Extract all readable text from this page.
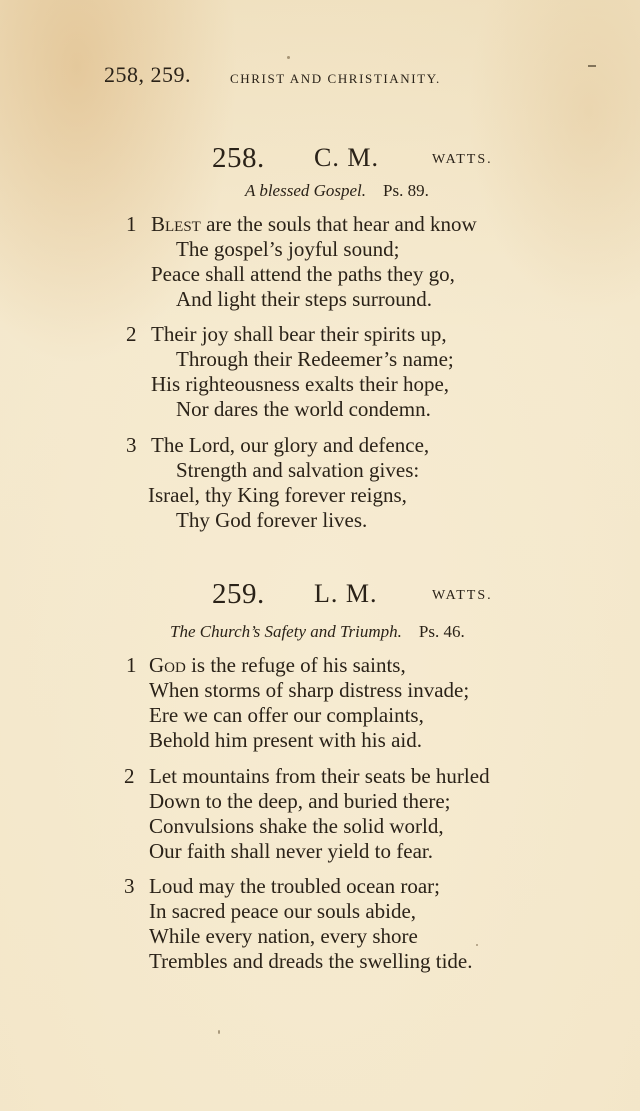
258, 259.	CHRIST AND CHRISTIANITY.
258. C. M.	WATTS.
A blessed Gospel. Ps. 89.
1 Blest are the souls that hear and know
The gospel’s joyful sound;
Peace shall attend the paths they go,
And light their steps surround.
2 Their joy shall bear their spirits up,
Through their Redeemer’s name;
His righteousness exalts their hope,
Nor dares the world condemn.
3 The Lord, our glory and defence,
Strength and salvation gives:
Israel, thy King forever reigns,
Thy God forever lives.
259. L. M.	WATTS.
The Church’s Safety and Triumph. Ps. 46.
1 God is the refuge of his saints,
When storms of sharp distress invade;
Ere we can offer our complaints,
Behold him present with his aid.
2 Let mountains from their seats be hurled
Down to the deep, and buried there;
Convulsions shake the solid world,
Our faith shall never yield to fear.
3 Loud may the troubled ocean roar;
In sacred peace our souls abide,
While every nation, every shore
Trembles and dreads the swelling tide.
